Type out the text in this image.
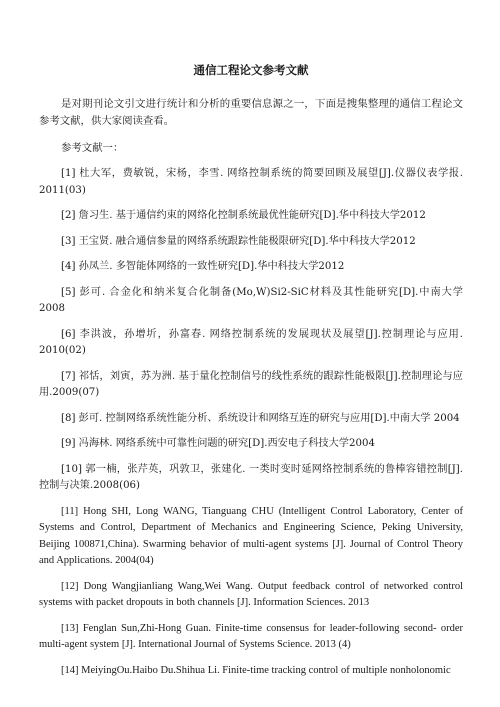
通信工程论文参考文献

是对期刊论文引文进行统计和分析的重要信息源之一，下面是搜集整理的通信工程论文参考文献，供大家阅读查看。

参考文献一：

[1] 杜大军，费敏锐，宋杨，李雪. 网络控制系统的简要回顾及展望[J].仪器仪表学报. 2011(03)

[2] 詹习生. 基于通信约束的网络化控制系统最优性能研究[D].华中科技大学2012

[3] 王宝贤. 融合通信参量的网络系统跟踪性能极限研究[D].华中科技大学2012

[4] 孙凤兰. 多智能体网络的一致性研究[D].华中科技大学2012

[5] 彭可. 合金化和纳米复合化制备(Mo,W)Si2-SiC材料及其性能研究[D].中南大学 2008

[6] 李洪波，孙增圻，孙富春. 网络控制系统的发展现状及展望[J].控制理论与应用. 2010(02)

[7] 祁恬，刘寅，苏为洲. 基于量化控制信号的线性系统的跟踪性能极限[J].控制理论与应用.2009(07)

[8] 彭可. 控制网络系统性能分析、系统设计和网络互连的研究与应用[D].中南大学 2004

[9] 冯海林. 网络系统中可靠性问题的研究[D].西安电子科技大学2004

[10] 郭一楠，张芹英，巩敦卫，张建化. 一类时变时延网络控制系统的鲁棒容错控制[J].控制与决策.2008(06)

[11] Hong SHI, Long WANG, Tianguang CHU (Intelligent Control Laboratory, Center of Systems and Control, Department of Mechanics and Engineering Science, Peking University, Beijing 100871,China). Swarming behavior of multi-agent systems [J]. Journal of Control Theory and Applications. 2004(04)

[12] Dong Wangjianliang Wang,Wei Wang. Output feedback control of networked control systems with packet dropouts in both channels [J]. Information Sciences. 2013

[13] Fenglan Sun,Zhi-Hong Guan. Finite-time consensus for leader-following second- order multi-agent system [J]. International Journal of Systems Science. 2013 (4)

[14] MeiyingOu.Haibo Du.Shihua Li. Finite-time tracking control of multiple nonholonomic
